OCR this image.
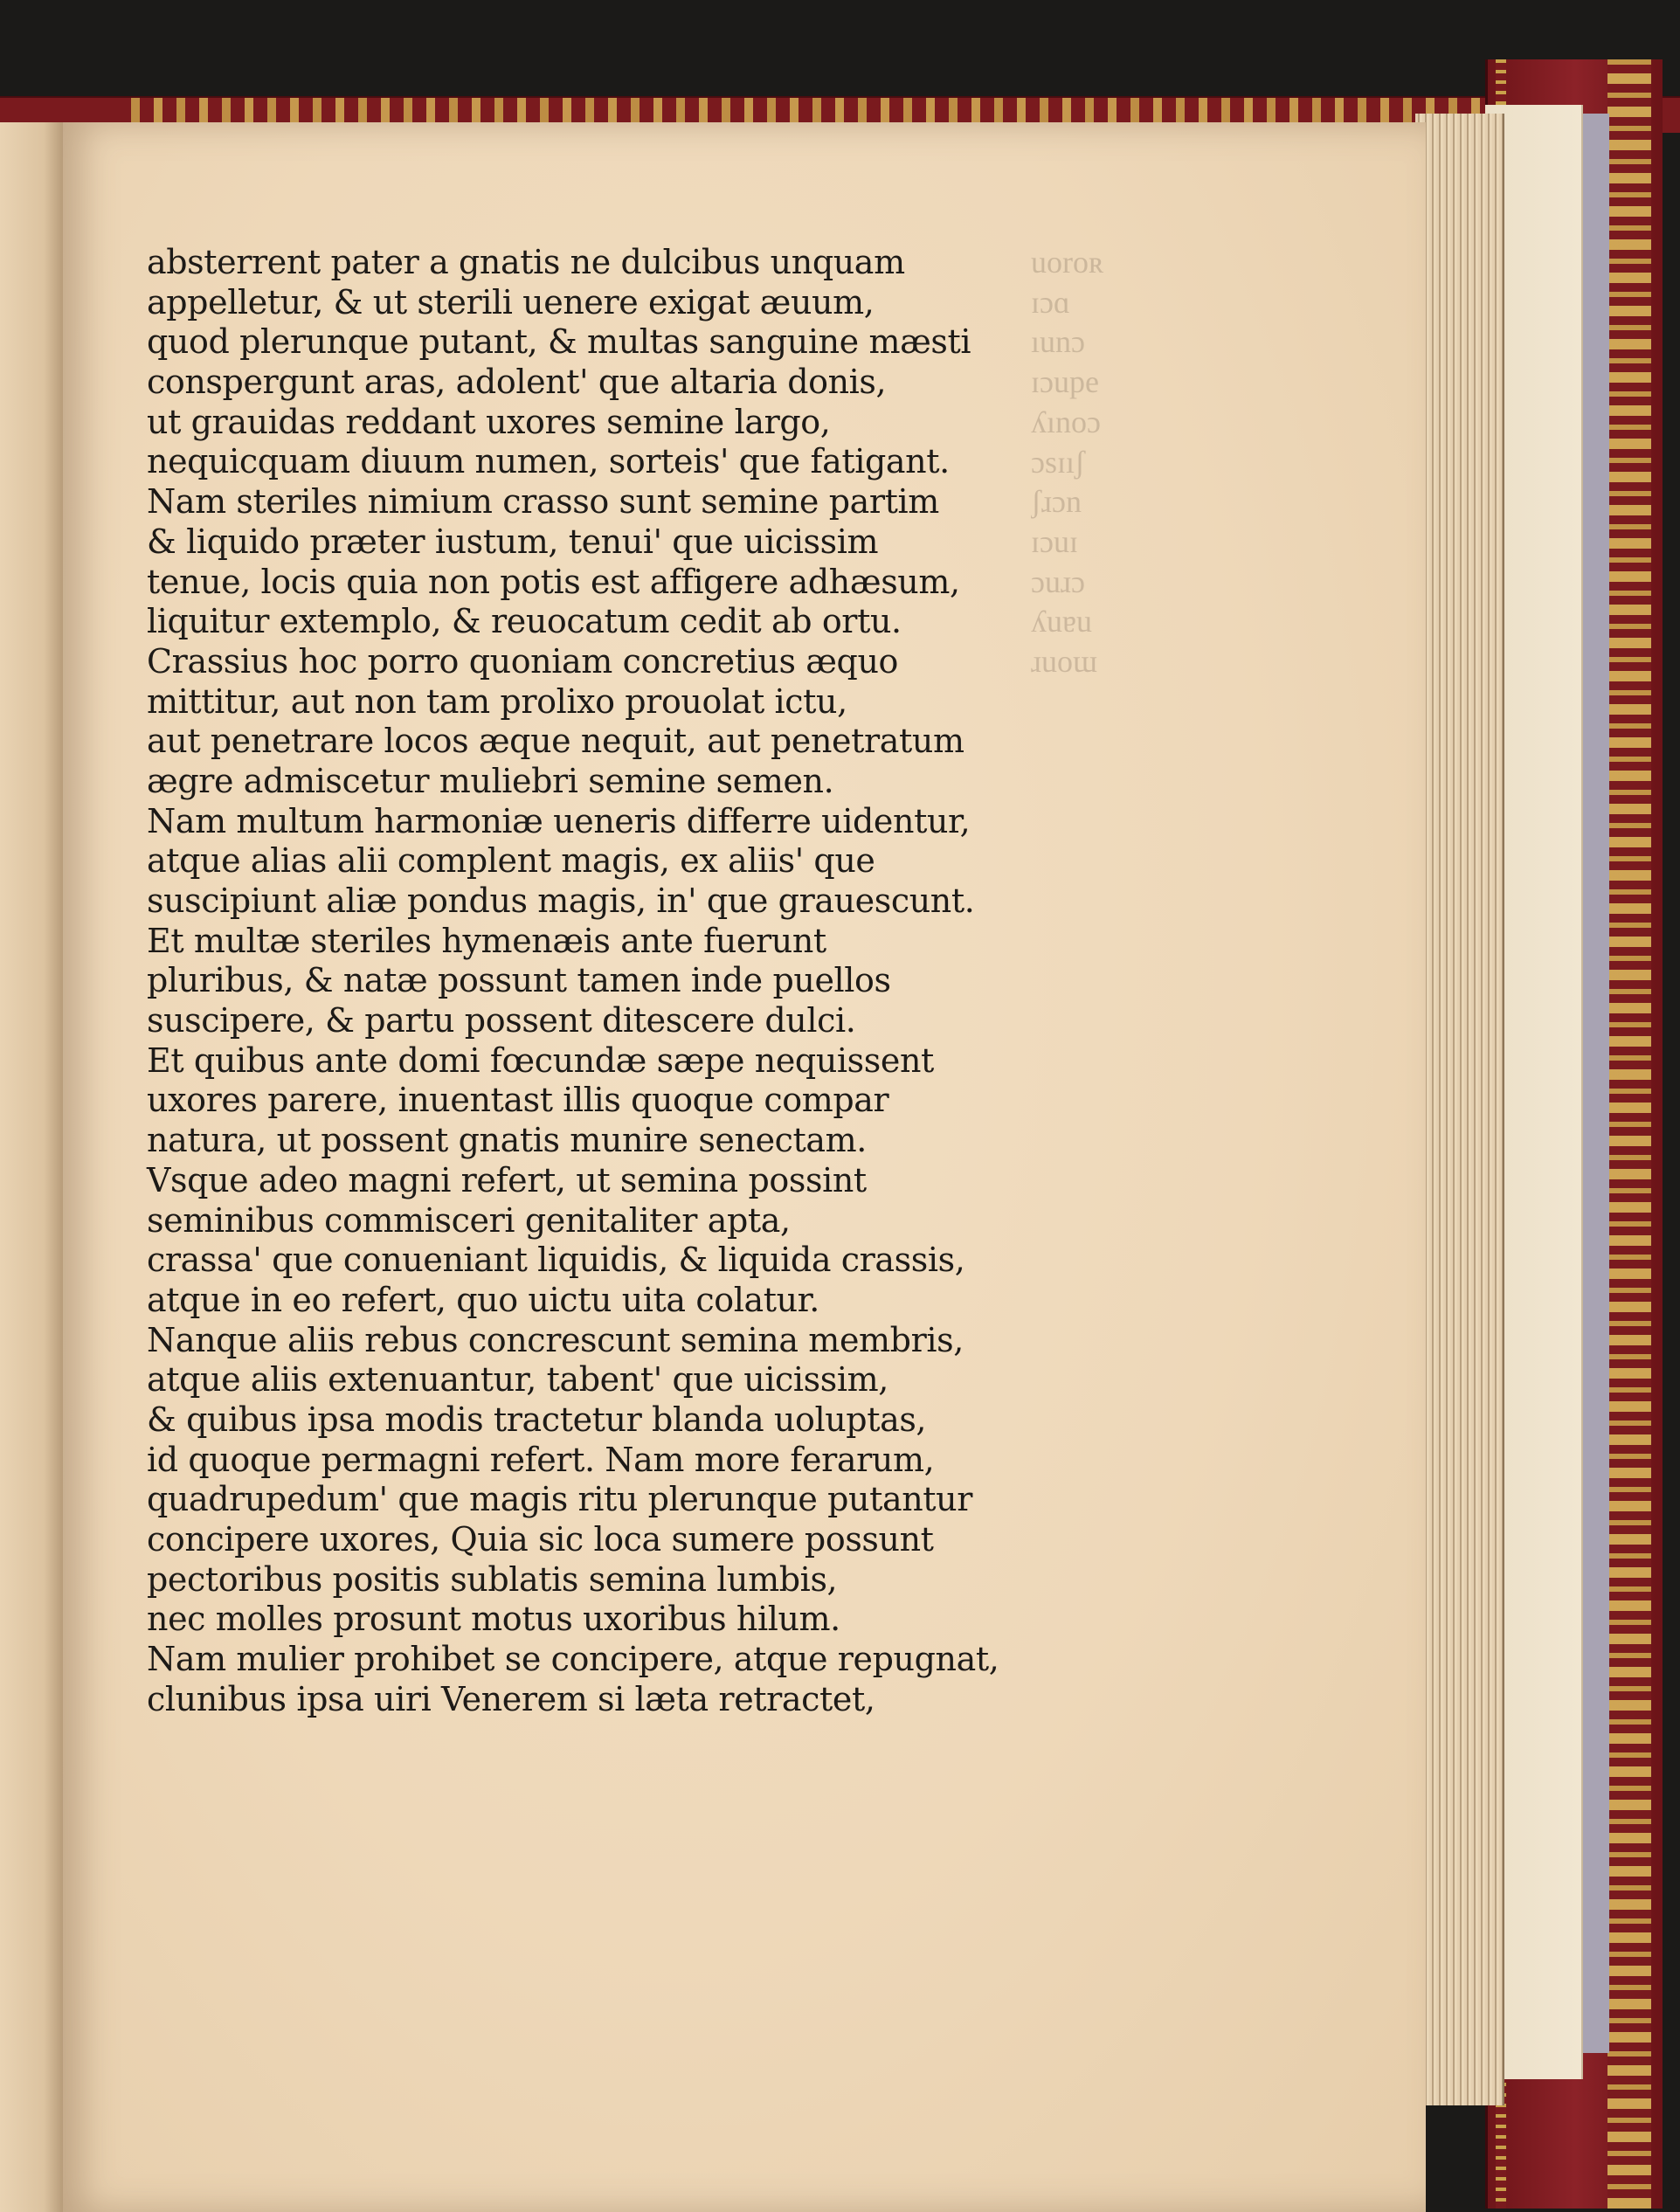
uoroʀ
ɪɔɑ
ıunɔ
ɪɔupe
ʎınoɔ
ɔsɪıʃ
ʃɹɔn
ɪɔuɪ
ɔuɹɔ
ʎuɐu
ɹuoɯ
absterrent pater a gnatis ne dulcibus unquam
appelletur, & ut sterili uenere exigat æuum,
quod plerunque putant, & multas sanguine mæsti
conspergunt aras, adolent' que altaria donis,
ut grauidas reddant uxores semine largo,
nequicquam diuum numen, sorteis' que fatigant.
Nam steriles nimium crasso sunt semine partim
& liquido præter iustum, tenui' que uicissim
tenue, locis quia non potis est affigere adhæsum,
liquitur extemplo, & reuocatum cedit ab ortu.
Crassius hoc porro quoniam concretius æquo
mittitur, aut non tam prolixo prouolat ictu,
aut penetrare locos æque nequit, aut penetratum
ægre admiscetur muliebri semine semen.
Nam multum harmoniæ ueneris differre uidentur,
atque alias alii complent magis, ex aliis' que
suscipiunt aliæ pondus magis, in' que grauescunt.
Et multæ steriles hymenæis ante fuerunt
pluribus, & natæ possunt tamen inde puellos
suscipere, & partu possent ditescere dulci.
Et quibus ante domi fœcundæ sæpe nequissent
uxores parere, inuentast illis quoque compar
natura, ut possent gnatis munire senectam.
Vsque adeo magni refert, ut semina possint
seminibus commisceri genitaliter apta,
crassa' que conueniant liquidis, & liquida crassis,
atque in eo refert, quo uictu uita colatur.
Nanque aliis rebus concrescunt semina membris,
atque aliis extenuantur, tabent' que uicissim,
& quibus ipsa modis tractetur blanda uoluptas,
id quoque permagni refert. Nam more ferarum,
quadrupedum' que magis ritu plerunque putantur
concipere uxores, Quia sic loca sumere possunt
pectoribus positis sublatis semina lumbis,
nec molles prosunt motus uxoribus hilum.
Nam mulier prohibet se concipere, atque repugnat,
clunibus ipsa uiri Venerem si læta retractet,
